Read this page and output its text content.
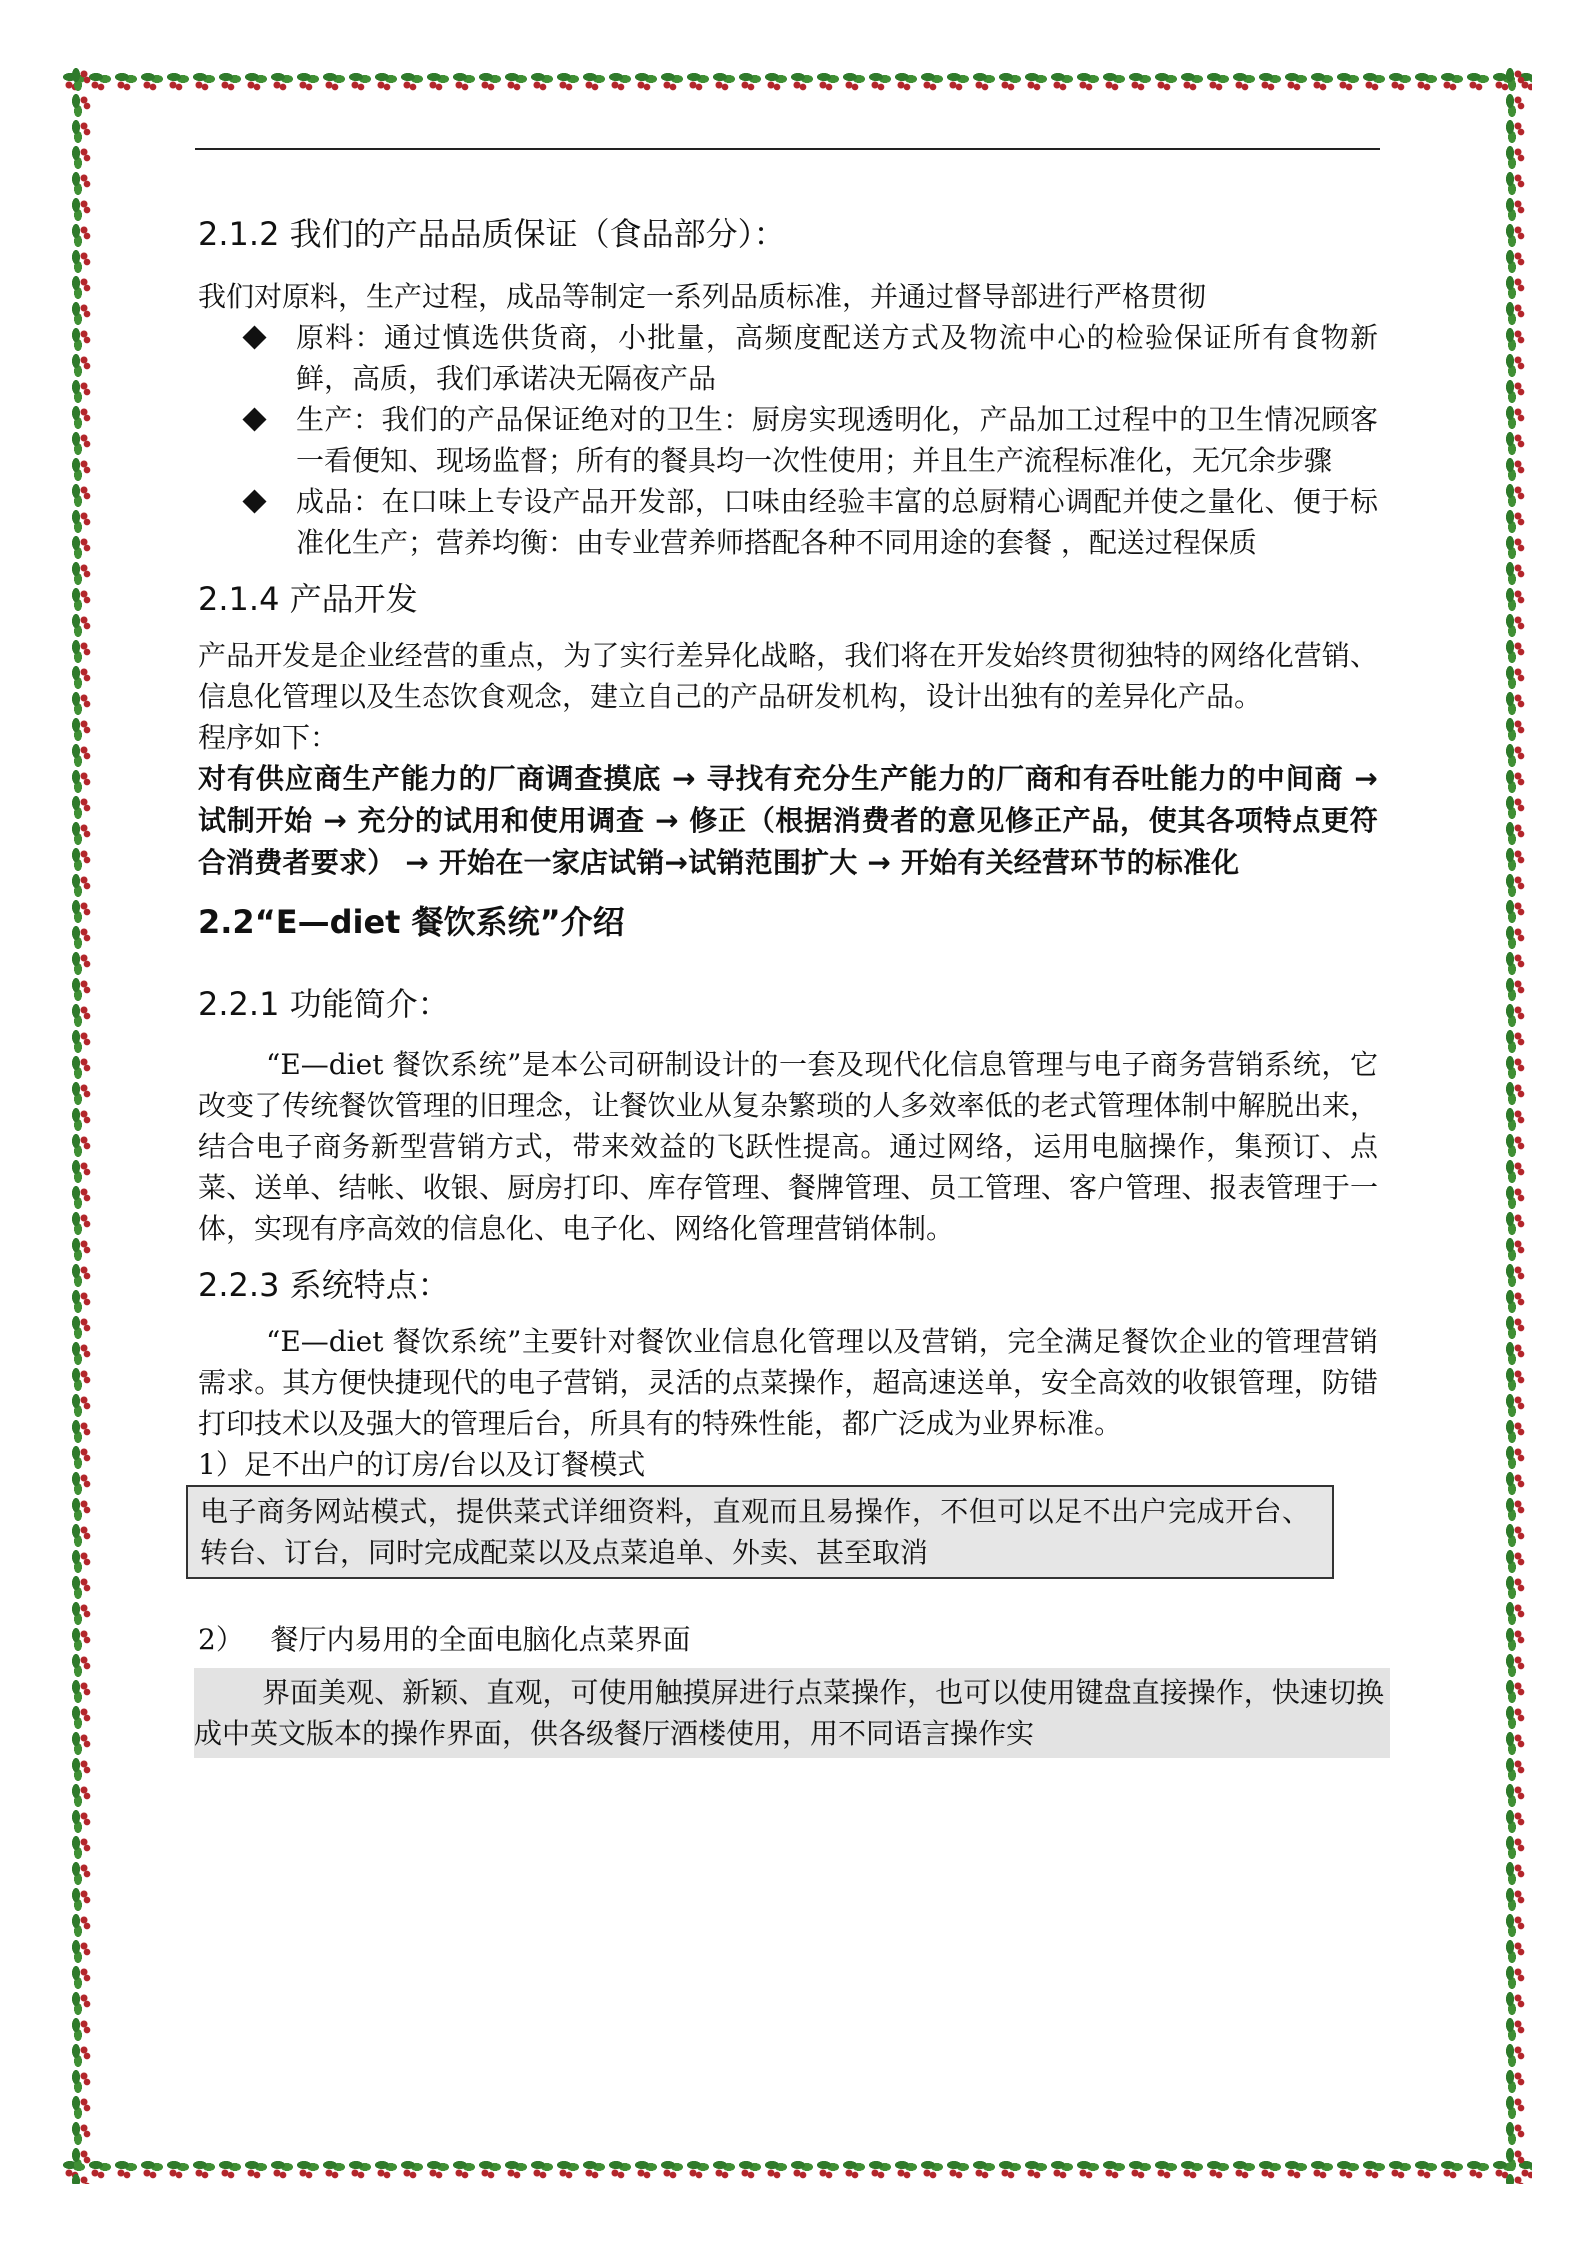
2.1.2 我们的产品品质保证（食品部分）：

我们对原料，生产过程，成品等制定一系列品质标准，并通过督导部进行严格贯彻

原料：通过慎选供货商，小批量，高频度配送方式及物流中心的检验保证所有食物新鲜，高质，我们承诺决无隔夜产品
生产：我们的产品保证绝对的卫生：厨房实现透明化，产品加工过程中的卫生情况顾客一看便知、现场监督；所有的餐具均一次性使用；并且生产流程标准化，无冗余步骤
成品：在口味上专设产品开发部，口味由经验丰富的总厨精心调配并使之量化、便于标准化生产；营养均衡：由专业营养师搭配各种不同用途的套餐 ，配送过程保质
2.1.4 产品开发

产品开发是企业经营的重点，为了实行差异化战略，我们将在开发始终贯彻独特的网络化营销、信息化管理以及生态饮食观念，建立自己的产品研发机构，设计出独有的差异化产品。

程序如下：

对有供应商生产能力的厂商调查摸底 → 寻找有充分生产能力的厂商和有吞吐能力的中间商 → 试制开始 → 充分的试用和使用调查 → 修正（根据消费者的意见修正产品，使其各项特点更符合消费者要求） → 开始在一家店试销→试销范围扩大 → 开始有关经营环节的标准化

2.2“E—diet 餐饮系统”介绍
2.2.1 功能简介：

“E—diet 餐饮系统”是本公司研制设计的一套及现代化信息管理与电子商务营销系统，它改变了传统餐饮管理的旧理念，让餐饮业从复杂繁琐的人多效率低的老式管理体制中解脱出来，结合电子商务新型营销方式，带来效益的飞跃性提高。通过网络，运用电脑操作，集预订、点菜、送单、结帐、收银、厨房打印、库存管理、餐牌管理、员工管理、客户管理、报表管理于一体，实现有序高效的信息化、电子化、网络化管理营销体制。

2.2.3 系统特点：

“E—diet 餐饮系统”主要针对餐饮业信息化管理以及营销，完全满足餐饮企业的管理营销需求。其方便快捷现代的电子营销，灵活的点菜操作，超高速送单，安全高效的收银管理，防错打印技术以及强大的管理后台，所具有的特殊性能，都广泛成为业界标准。

1）足不出户的订房/台以及订餐模式

电子商务网站模式，提供菜式详细资料，直观而且易操作，不但可以足不出户完成开台、转台、订台，同时完成配菜以及点菜追单、外卖、甚至取消

2）   餐厅内易用的全面电脑化点菜界面

界面美观、新颖、直观，可使用触摸屏进行点菜操作，也可以使用键盘直接操作，快速切换成中英文版本的操作界面，供各级餐厅酒楼使用，用不同语言操作实
